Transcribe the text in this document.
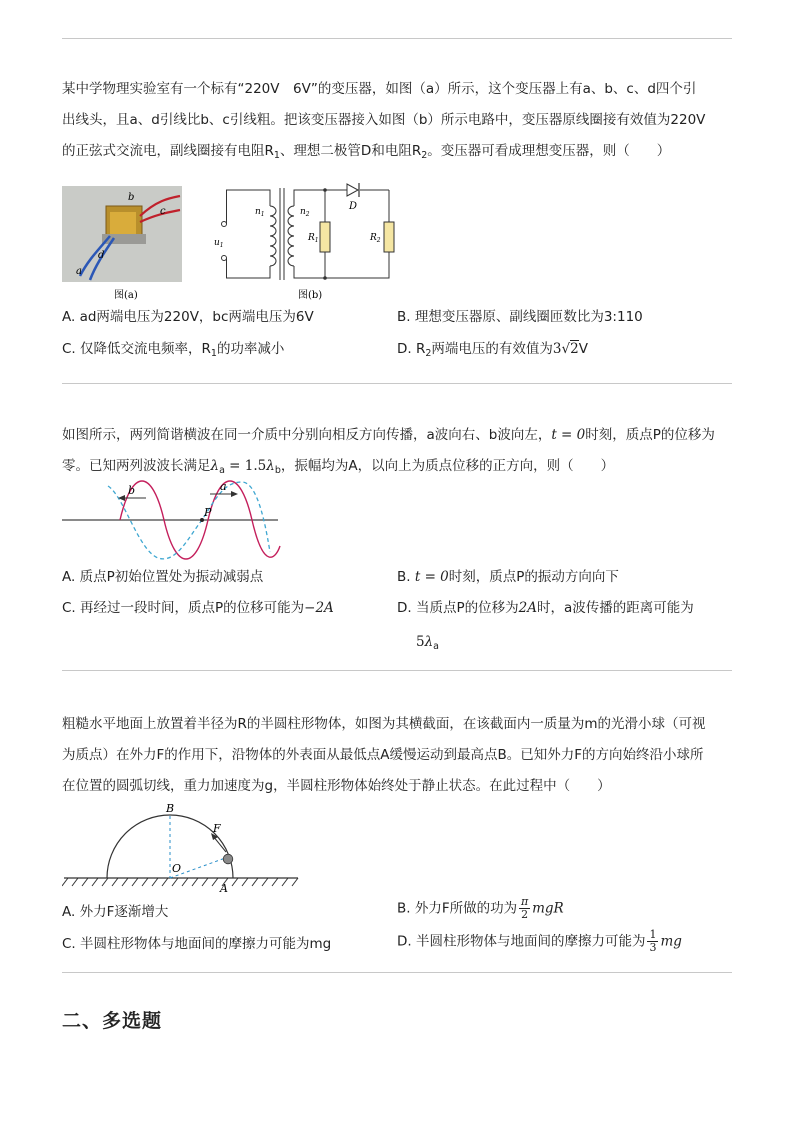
某中学物理实验室有一个标有“220V　6V”的变压器，如图（a）所示，这个变压器上有a、b、c、d四个引
出线头，且a、d引线比b、c引线粗。把该变压器接入如图（b）所示电路中，变压器原线圈接有效值为220V
的正弦式交流电，副线圈接有电阻$R_1$、理想二极管D和电阻$R_2$。变压器可看成理想变压器，则（　　）
b
c
d
a
图(a)
$u_1$
$n_1$	$n_2$
D
$R_1$	$R_2$
图(b)
A. ad两端电压为220V，bc两端电压为6V	B. 理想变压器原、副线圈匝数比为3:110
C. 仅降低交流电频率，$R_1$的功率减小	D. $R_2$两端电压的有效值为3√2V
如图所示，两列简谐横波在同一介质中分别向相反方向传播，a波向右、b波向左，t = 0时刻，质点P的位移为
零。已知两列波波长满足$\lambda_a = 1.5\lambda_b$，振幅均为A，以向上为质点位移的正方向，则（　　）
b	a
P
A. 质点P初始位置处为振动减弱点	B. t = 0时刻，质点P的振动方向向下
C. 再经过一段时间，质点P的位移可能为−2A	D. 当质点P的位移为2A时，a波传播的距离可能为
$5\lambda_a$
粗糙水平地面上放置着半径为R的半圆柱形物体，如图为其横截面，在该截面内一质量为m的光滑小球（可视
为质点）在外力F的作用下，沿物体的外表面从最低点A缓慢运动到最高点B。已知外力F的方向始终沿小球所
在位置的圆弧切线，重力加速度为g，半圆柱形物体始终处于静止状态。在此过程中（　　）
B
F
O
A
A. 外力F逐渐增大	B. 外力F所做的功为 $\frac{\pi}{2}$ mgR
C. 半圆柱形物体与地面间的摩擦力可能为mg	D. 半圆柱形物体与地面间的摩擦力可能为 $\frac{1}{3}$ mg
二、多选题
